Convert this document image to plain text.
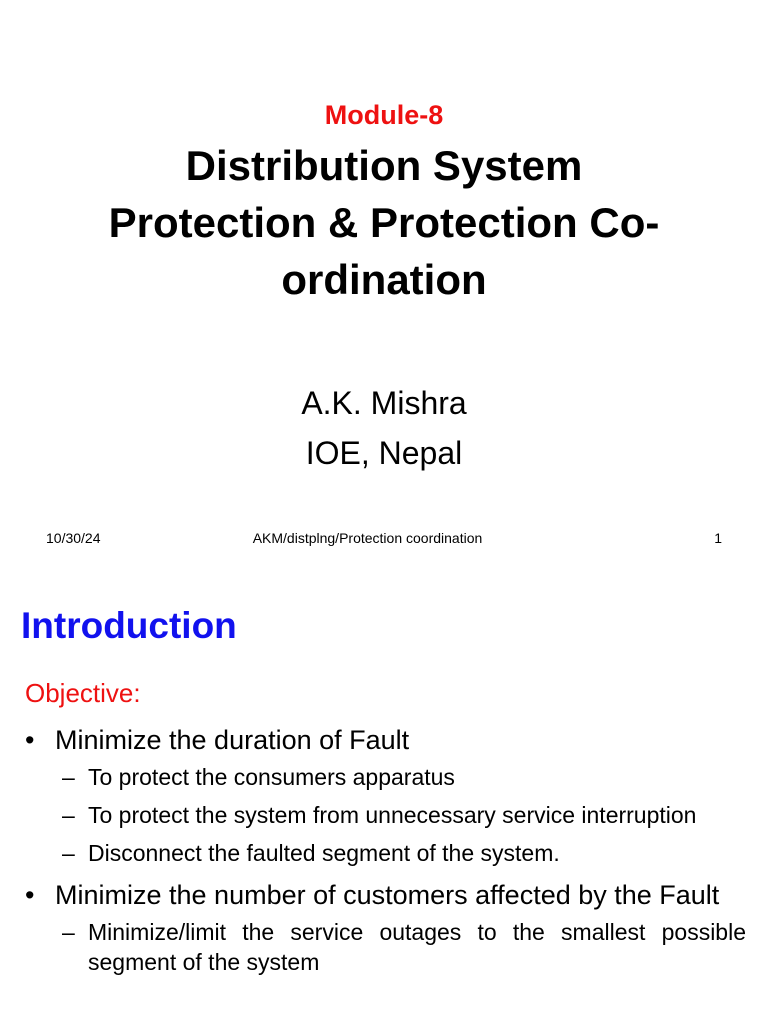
Module-8
Distribution System
Protection & Protection Co-
ordination
A.K. Mishra
IOE, Nepal
10/30/24	AKM/distplng/Protection coordination	1
Introduction
Objective:
• Minimize the duration of Fault
– To protect the consumers apparatus
– To protect the system from unnecessary service interruption
– Disconnect the faulted segment of the system.
• Minimize the number of customers affected by the Fault
– Minimize/limit the service outages to the smallest possible segment of the system
